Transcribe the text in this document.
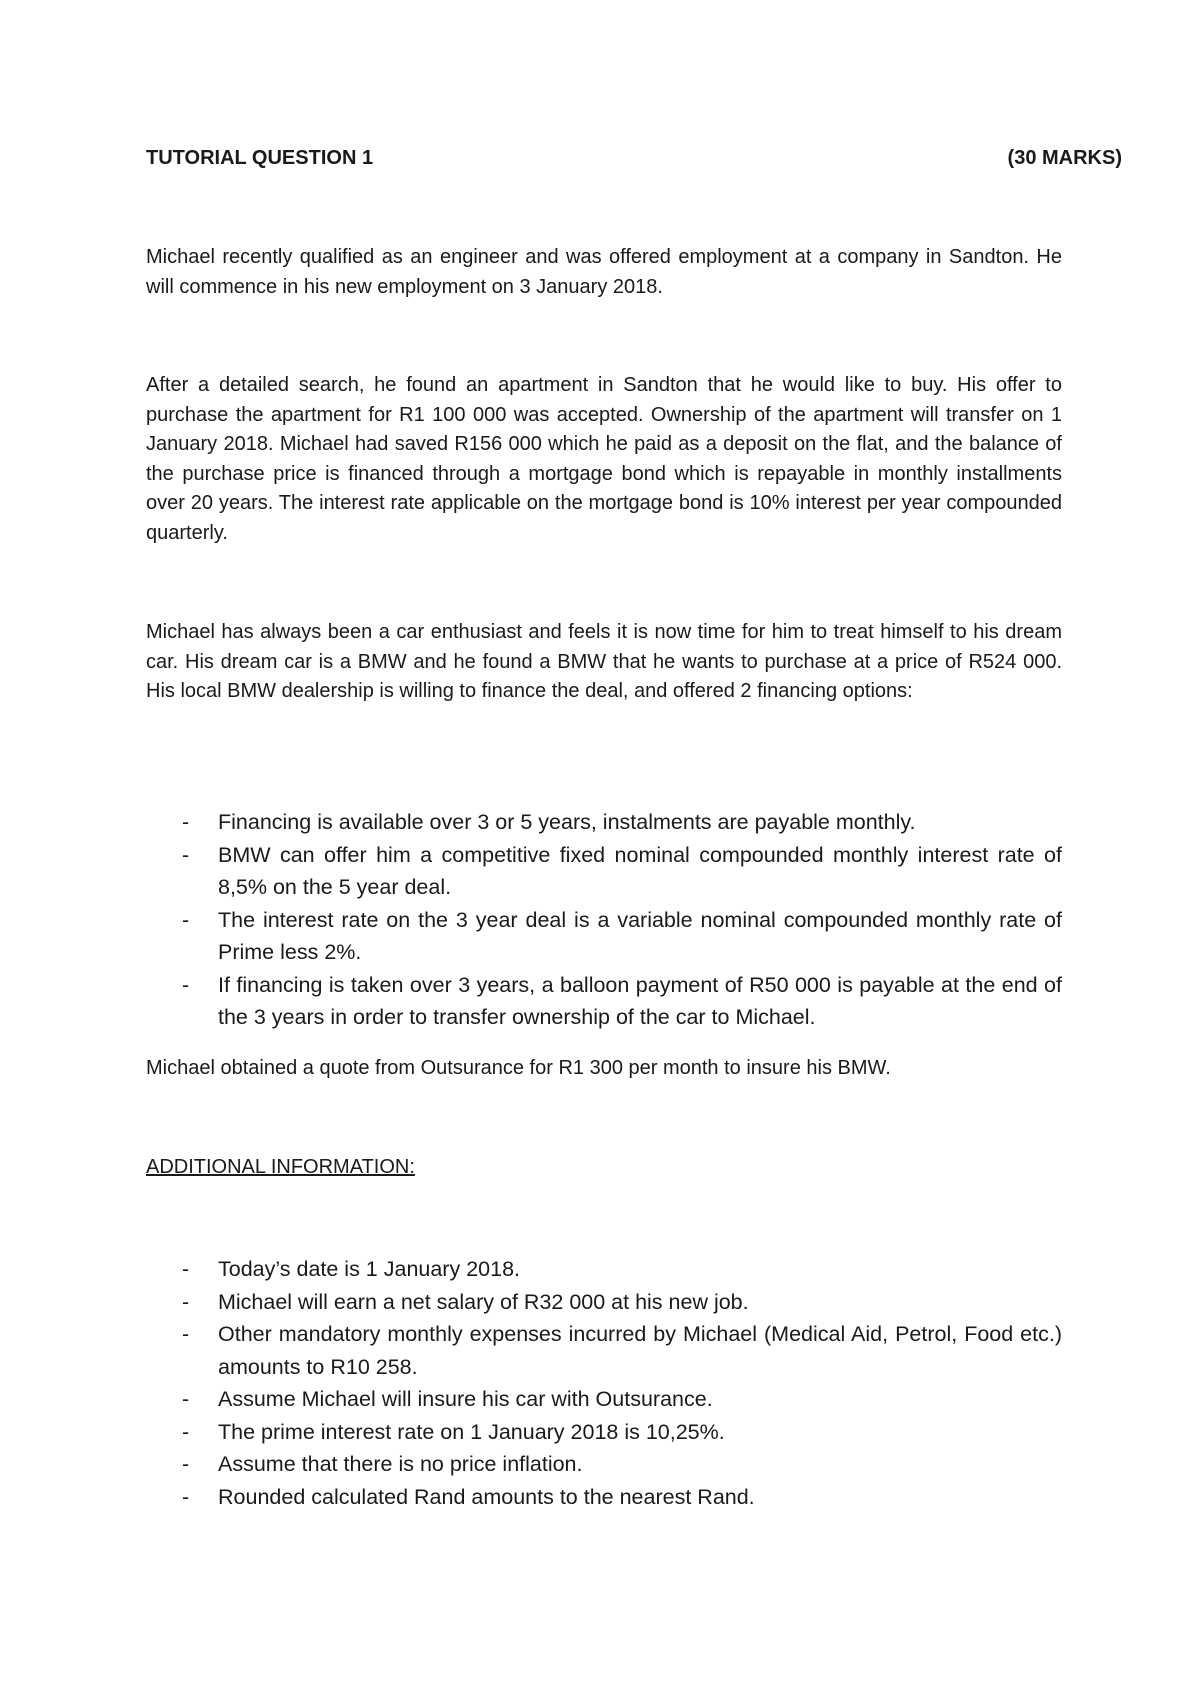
TUTORIAL QUESTION 1	(30 MARKS)

Michael recently qualified as an engineer and was offered employment at a company in Sandton. He will commence in his new employment on 3 January 2018.

After a detailed search, he found an apartment in Sandton that he would like to buy. His offer to purchase the apartment for R1 100 000 was accepted. Ownership of the apartment will transfer on 1 January 2018. Michael had saved R156 000 which he paid as a deposit on the flat, and the balance of the purchase price is financed through a mortgage bond which is repayable in monthly installments over 20 years. The interest rate applicable on the mortgage bond is 10% interest per year compounded quarterly.

Michael has always been a car enthusiast and feels it is now time for him to treat himself to his dream car. His dream car is a BMW and he found a BMW that he wants to purchase at a price of R524 000. His local BMW dealership is willing to finance the deal, and offered 2 financing options:

- Financing is available over 3 or 5 years, instalments are payable monthly.
- BMW can offer him a competitive fixed nominal compounded monthly interest rate of 8,5% on the 5 year deal.
- The interest rate on the 3 year deal is a variable nominal compounded monthly rate of Prime less 2%.
- If financing is taken over 3 years, a balloon payment of R50 000 is payable at the end of the 3 years in order to transfer ownership of the car to Michael.
Michael obtained a quote from Outsurance for R1 300 per month to insure his BMW.
ADDITIONAL INFORMATION:
- Today’s date is 1 January 2018.
- Michael will earn a net salary of R32 000 at his new job.
- Other mandatory monthly expenses incurred by Michael (Medical Aid, Petrol, Food etc.) amounts to R10 258.
- Assume Michael will insure his car with Outsurance.
- The prime interest rate on 1 January 2018 is 10,25%.
- Assume that there is no price inflation.
- Rounded calculated Rand amounts to the nearest Rand.
